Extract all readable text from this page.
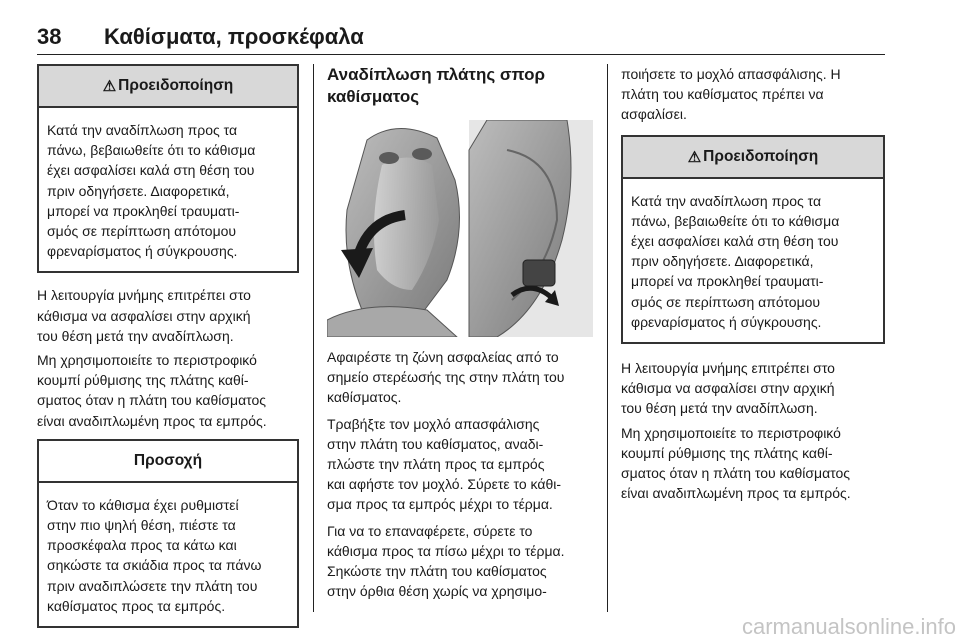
38 Καθίσματα, προσκέφαλα
⚠ Προειδοποίηση
Κατά την αναδίπλωση προς τα
πάνω, βεβαιωθείτε ότι το κάθισμα
έχει ασφαλίσει καλά στη θέση του
πριν οδηγήσετε. Διαφορετικά,
μπορεί να προκληθεί τραυματι-
σμός σε περίπτωση απότομου
φρεναρίσματος ή σύγκρουσης.

Η λειτουργία μνήμης επιτρέπει στο
κάθισμα να ασφαλίσει στην αρχική
του θέση μετά την αναδίπλωση.

Μη χρησιμοποιείτε το περιστροφικό
κουμπί ρύθμισης της πλάτης καθί-
σματος όταν η πλάτη του καθίσματος
είναι αναδιπλωμένη προς τα εμπρός.

Προσοχή
Όταν το κάθισμα έχει ρυθμιστεί
στην πιο ψηλή θέση, πιέστε τα
προσκέφαλα προς τα κάτω και
σηκώστε τα σκιάδια προς τα πάνω
πριν αναδιπλώσετε την πλάτη του
καθίσματος προς τα εμπρός.
Αναδίπλωση πλάτης σπορ
καθίσματος

Αφαιρέστε τη ζώνη ασφαλείας από το
σημείο στερέωσής της στην πλάτη του
καθίσματος.

Τραβήξτε τον μοχλό απασφάλισης
στην πλάτη του καθίσματος, αναδι-
πλώστε την πλάτη προς τα εμπρός
και αφήστε τον μοχλό. Σύρετε το κάθι-
σμα προς τα εμπρός μέχρι το τέρμα.

Για να το επαναφέρετε, σύρετε το
κάθισμα προς τα πίσω μέχρι το τέρμα.
Σηκώστε την πλάτη του καθίσματος
στην όρθια θέση χωρίς να χρησιμο-

ποιήσετε το μοχλό απασφάλισης. Η
πλάτη του καθίσματος πρέπει να
ασφαλίσει.

⚠ Προειδοποίηση
Κατά την αναδίπλωση προς τα
πάνω, βεβαιωθείτε ότι το κάθισμα
έχει ασφαλίσει καλά στη θέση του
πριν οδηγήσετε. Διαφορετικά,
μπορεί να προκληθεί τραυματι-
σμός σε περίπτωση απότομου
φρεναρίσματος ή σύγκρουσης.

Η λειτουργία μνήμης επιτρέπει στο
κάθισμα να ασφαλίσει στην αρχική
του θέση μετά την αναδίπλωση.

Μη χρησιμοποιείτε το περιστροφικό
κουμπί ρύθμισης της πλάτης καθί-
σματος όταν η πλάτη του καθίσματος
είναι αναδιπλωμένη προς τα εμπρός.

carmanualsonline.info
